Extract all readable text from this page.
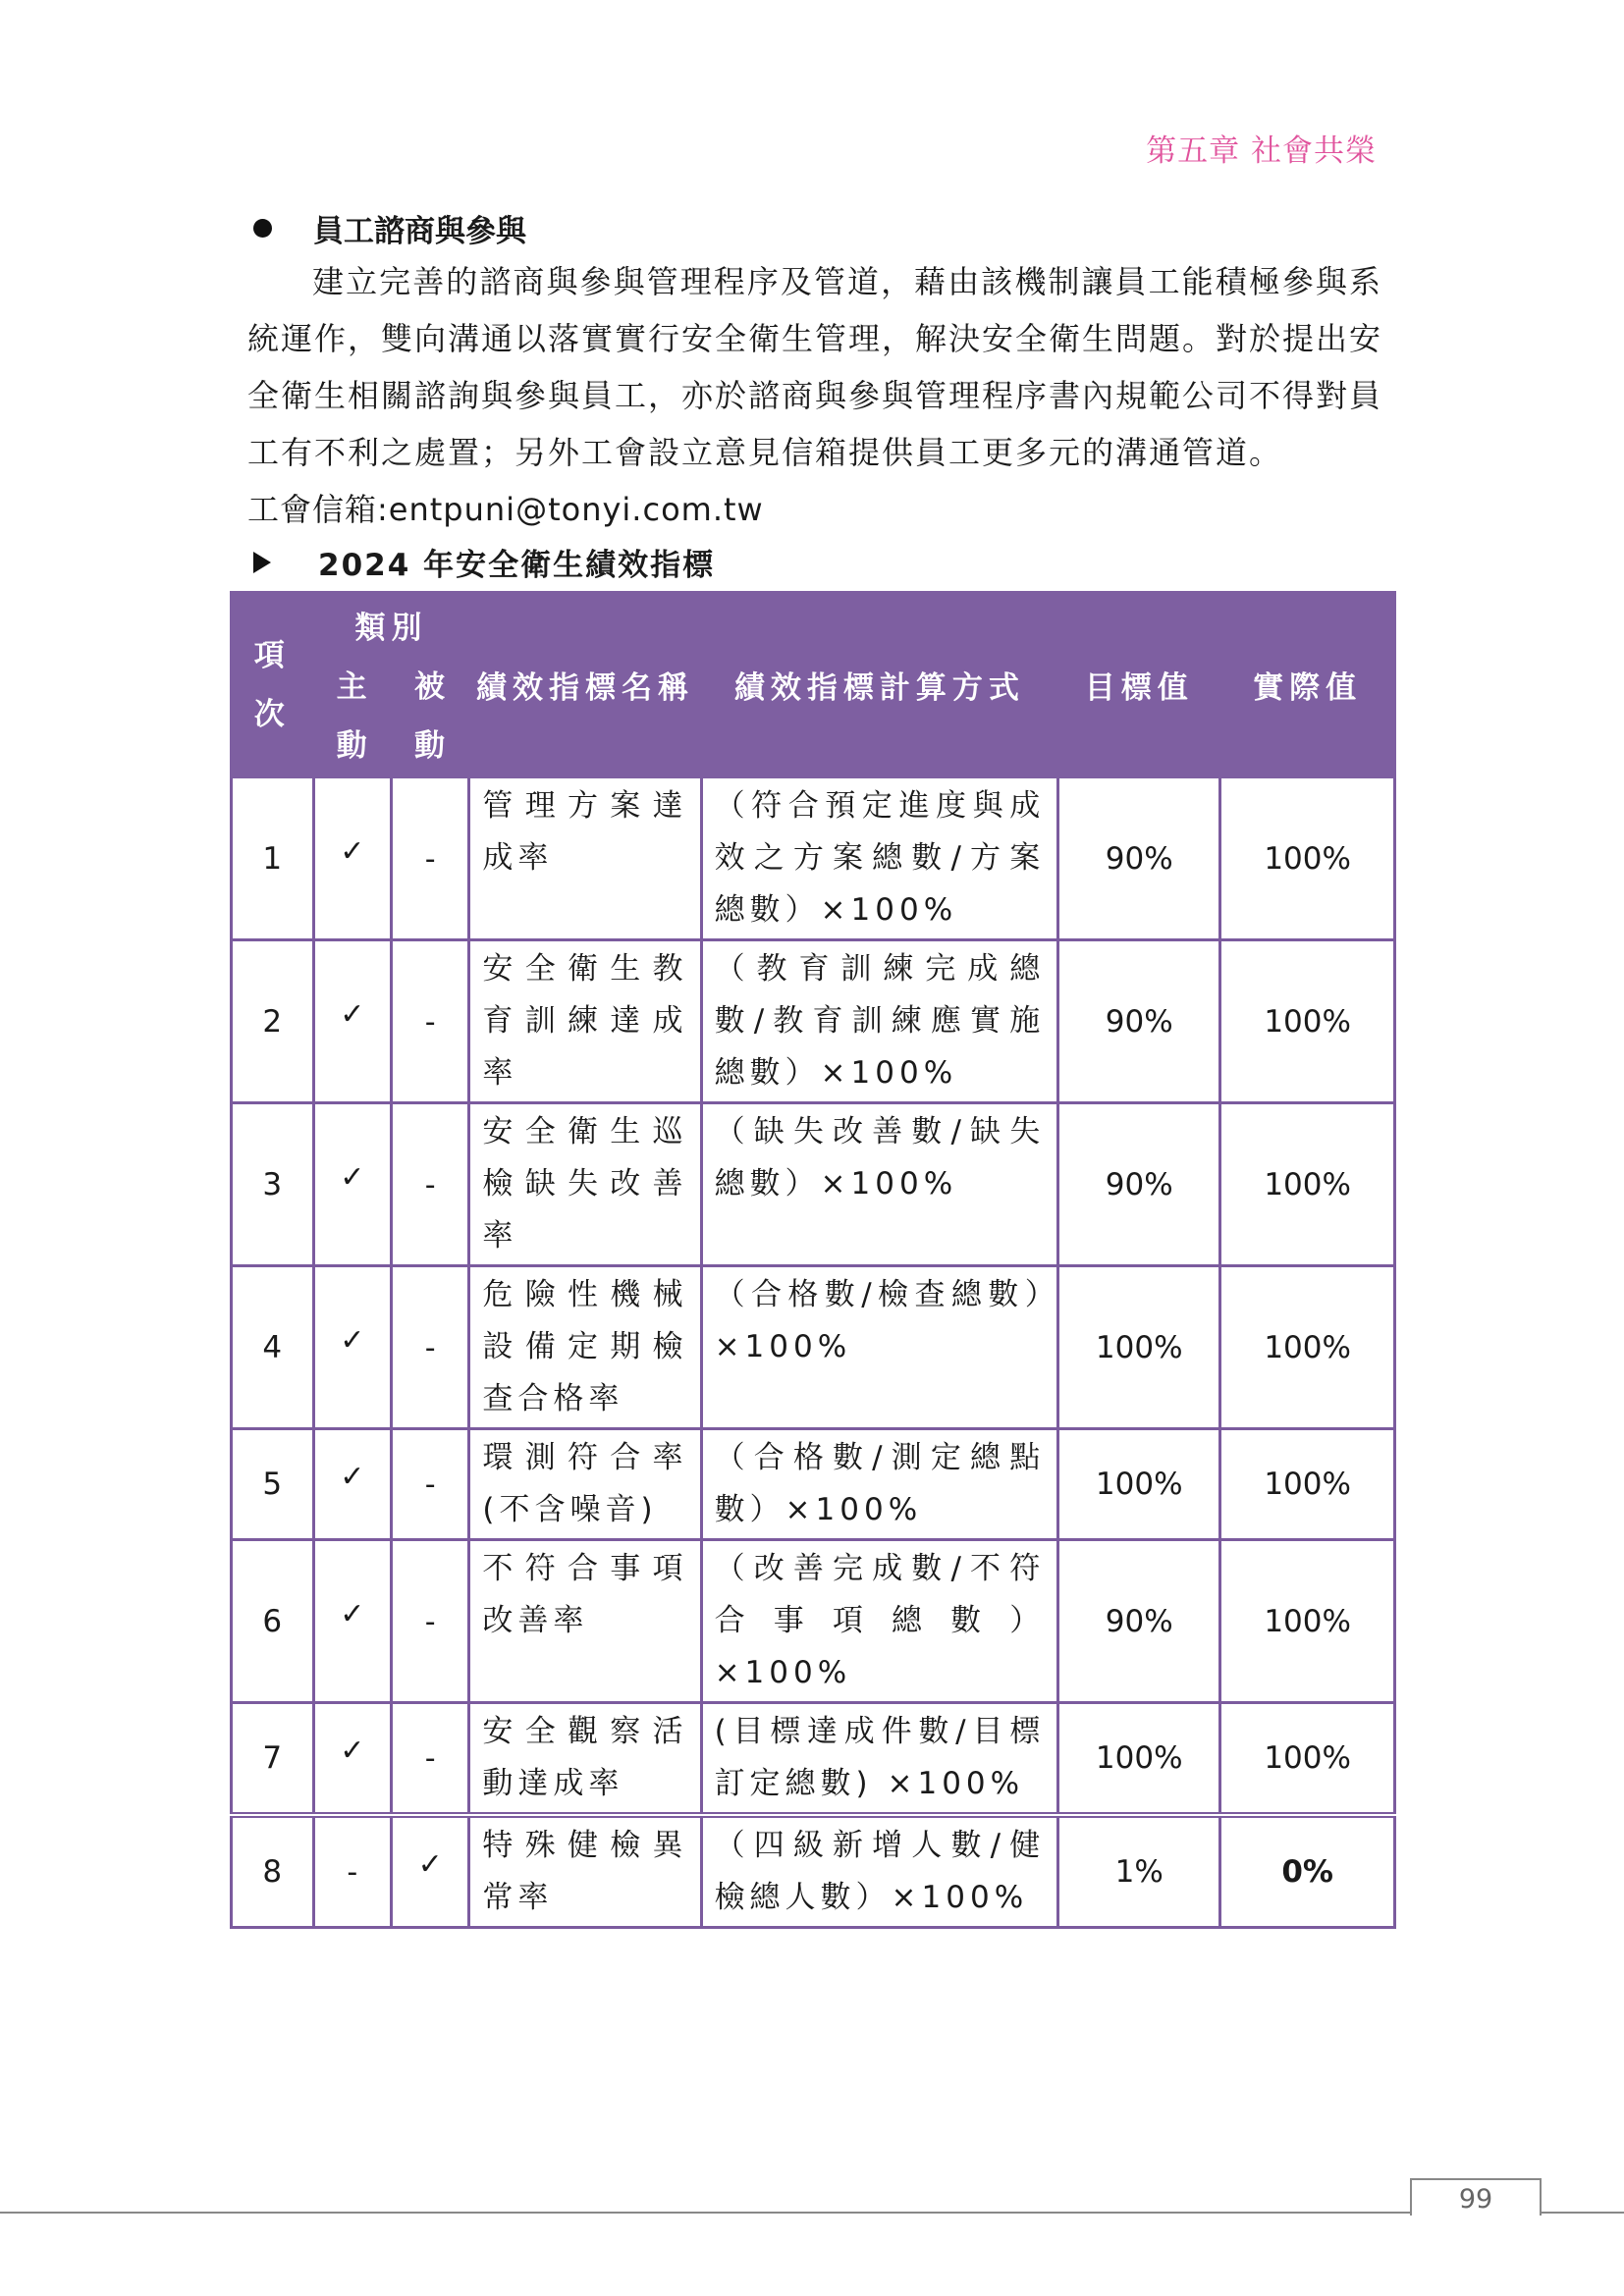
第五章 社會共榮
員工諮商與參與
建立完善的諮商與參與管理程序及管道，藉由該機制讓員工能積極參與系統運作，雙向溝通以落實實行安全衛生管理，解決安全衛生問題。對於提出安全衛生相關諮詢與參與員工，亦於諮商與參與管理程序書內規範公司不得對員工有不利之處置；另外工會設立意見信箱提供員工更多元的溝通管道。
工會信箱:entpuni@tonyi.com.tw
2024 年安全衛生績效指標
項次	類別		績效指標名稱	績效指標計算方式	目標值	實際值
	主動	被動				
1	✓	-	管理方案達成率	（符合預定進度與成效之方案總數/方案總數）×100%	90%	100%
2	✓	-	安全衛生教育訓練達成率	（教育訓練完成總數/教育訓練應實施總數）×100%	90%	100%
3	✓	-	安全衛生巡檢缺失改善率	（缺失改善數/缺失總數）×100%	90%	100%
4	✓	-	危險性機械設備定期檢查合格率	（合格數/檢查總數）×100%	100%	100%
5	✓	-	環測符合率(不含噪音)	（合格數/測定總點數）×100%	100%	100%
6	✓	-	不符合事項改善率	（改善完成數/不符合事項總數）×100%	90%	100%
7	✓	-	安全觀察活動達成率	(目標達成件數/目標訂定總數) ×100%	100%	100%
8	-	✓	特殊健檢異常率	（四級新增人數/健檢總人數）×100%	1%	0%
99
